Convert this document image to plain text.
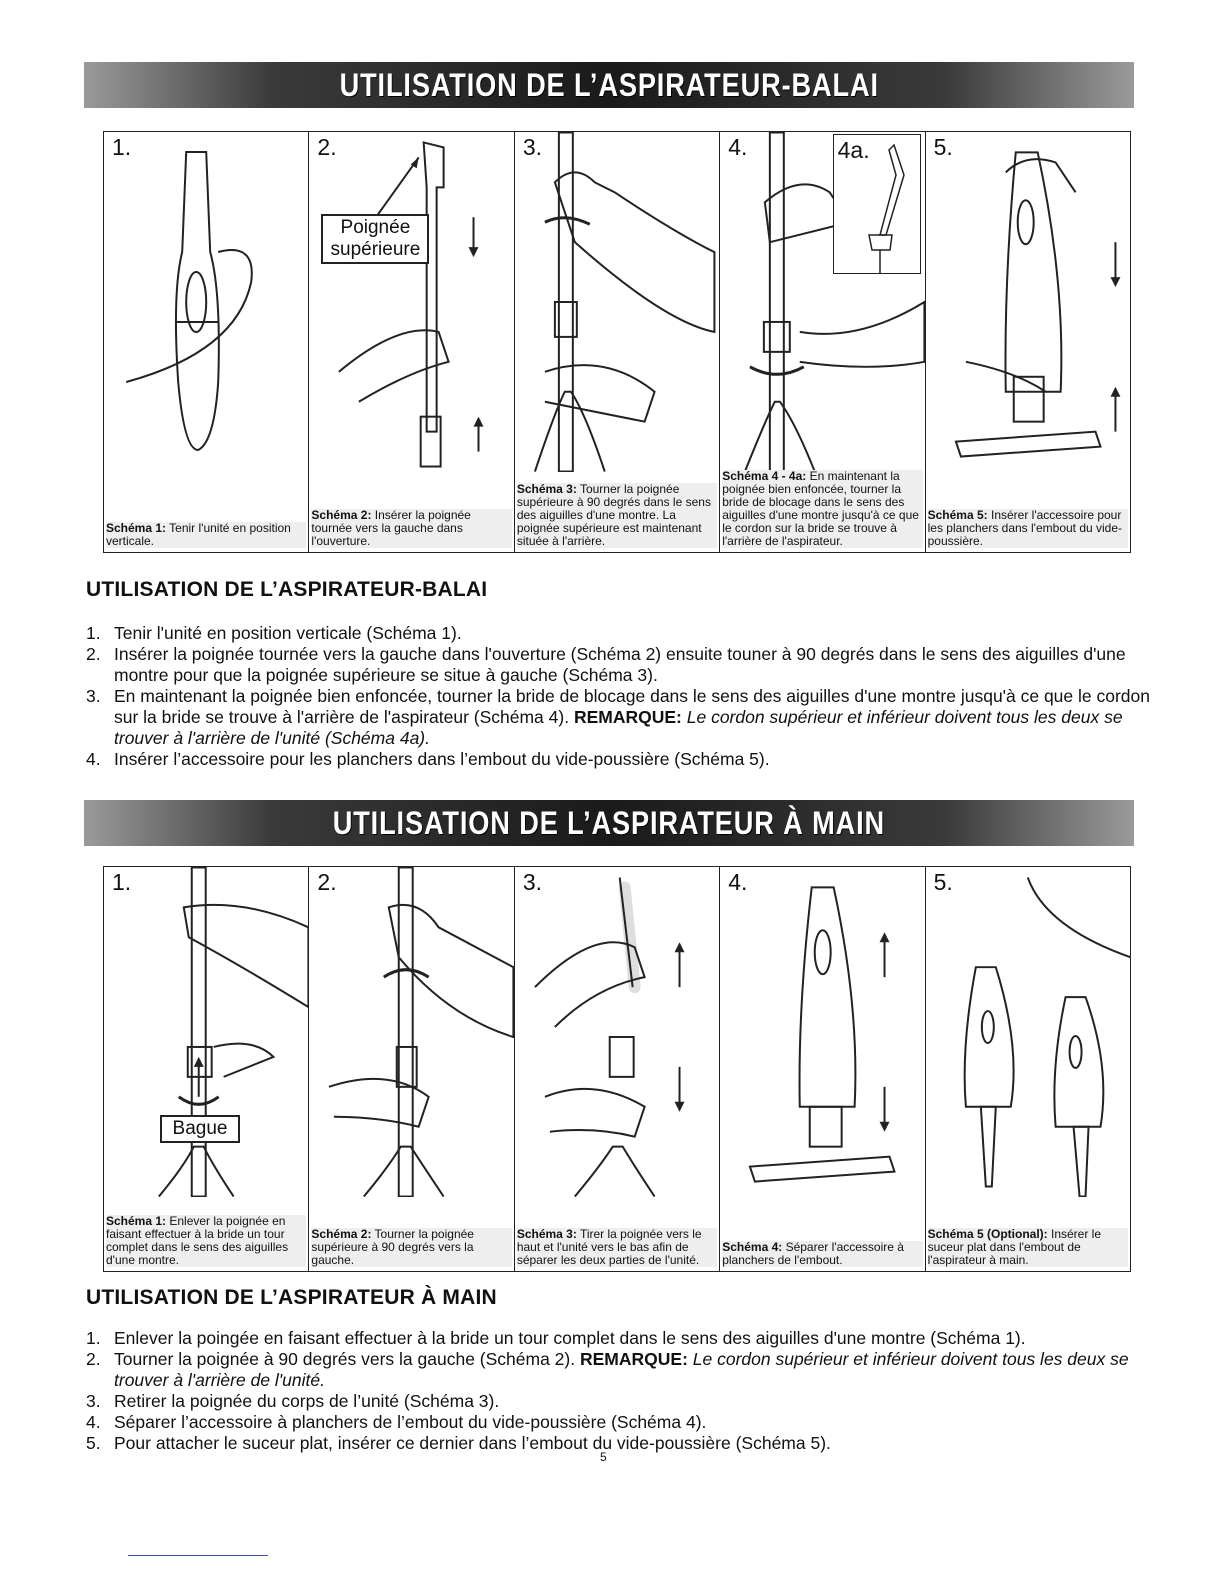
UTILISATION DE L’ASPIRATEUR-BALAI
1.
Schéma 1: Tenir l'unité en position verticale.
2.
Poignée supérieure
Schéma 2: Insérer la poignée tournée vers la gauche dans l'ouverture.
3.
Schéma 3: Tourner la poignée supérieure à 90 degrés dans le sens des aiguilles d'une montre. La poignée supérieure est maintenant située à l'arrière.
4.	4a.
Schéma 4 - 4a: En maintenant la poignée bien enfoncée, tourner la bride de blocage dans le sens des aiguilles d'une montre jusqu'à ce que le cordon sur la bride se trouve à l'arrière de l'aspirateur.
5.
Schéma 5: Insérer l'accessoire pour les planchers dans l'embout du vide-poussière.
UTILISATION DE L’ASPIRATEUR-BALAI
1. Tenir l'unité en position verticale (Schéma 1).
2. Insérer la poignée tournée vers la gauche dans l'ouverture (Schéma 2) ensuite touner à 90 degrés dans le sens des aiguilles d'une montre pour que la poignée supérieure se situe à gauche (Schéma 3).
3. En maintenant la poignée bien enfoncée, tourner la bride de blocage dans le sens des aiguilles d'une montre jusqu'à ce que le cordon sur la bride se trouve à l'arrière de l'aspirateur (Schéma 4). REMARQUE: Le cordon supérieur et inférieur doivent tous les deux se trouver à l'arrière de l'unité (Schéma 4a).
4. Insérer l’accessoire pour les planchers dans l’embout du vide-poussière (Schéma 5).
UTILISATION DE L’ASPIRATEUR À MAIN
1.
Bague
Schéma 1: Enlever la poignée en faisant effectuer à la bride un tour complet dans le sens des aiguilles d'une montre.
2.
Schéma 2: Tourner la poignée supérieure à 90 degrés vers la gauche.
3.
Schéma 3: Tirer la poignée vers le haut et l'unité vers le bas afin de séparer les deux parties de l'unité.
4.
Schéma 4: Séparer l'accessoire à planchers de l'embout.
5.
Schéma 5 (Optional): Insérer le suceur plat dans l'embout de l'aspirateur à main.
UTILISATION DE L’ASPIRATEUR À MAIN
1. Enlever la poingée en faisant effectuer à la bride un tour complet dans le sens des aiguilles d'une montre (Schéma 1).
2. Tourner la poignée à 90 degrés vers la gauche (Schéma 2). REMARQUE: Le cordon supérieur et inférieur doivent tous les deux se trouver à l'arrière de l'unité.
3. Retirer la poignée du corps de l’unité (Schéma 3).
4. Séparer l’accessoire à planchers de l’embout du vide-poussière (Schéma 4).
5. Pour attacher le suceur plat, insérer ce dernier dans l’embout du vide-poussière (Schéma 5).
5
